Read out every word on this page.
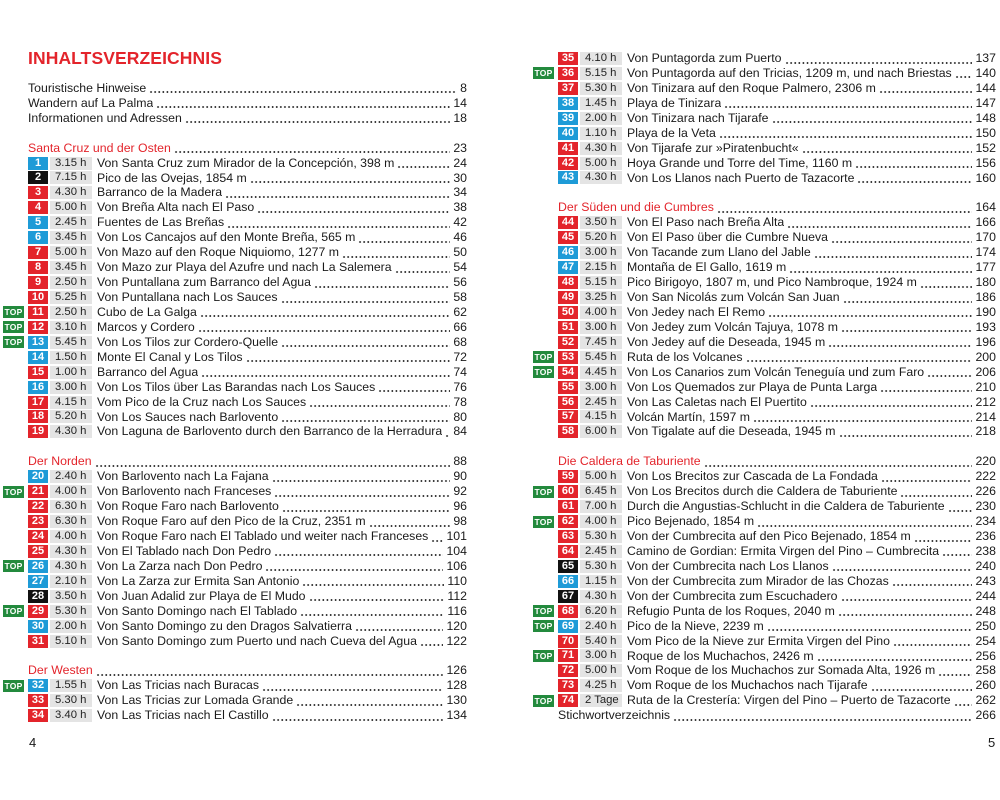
INHALTSVERZEICHNIS
Touristische Hinweise	8
Wandern auf La Palma	14
Informationen und Adressen	18
Santa Cruz und der Osten	23
1	3.15 h Von Santa Cruz zum Mirador de la Concepción, 398 m	24
2	7.15 h Pico de las Ovejas, 1854 m	30
3	4.30 h Barranco de la Madera	34
4	5.00 h Von Breña Alta nach El Paso	38
5	2.45 h Fuentes de Las Breñas	42
6	3.45 h Von Los Cancajos auf den Monte Breña, 565 m	46
7	5.00 h Von Mazo auf den Roque Niquiomo, 1277 m	50
8	3.45 h Von Mazo zur Playa del Azufre und nach La Salemera	54
9	2.50 h Von Puntallana zum Barranco del Agua	56
10 5.25 h Von Puntallana nach Los Sauces	58
TOP 11 2.50 h Cubo de La Galga	62
TOP 12 3.10 h Marcos y Cordero	66
TOP 13 5.45 h Von Los Tilos zur Cordero-Quelle	68
14 1.50 h Monte El Canal y Los Tilos	72
15 1.00 h Barranco del Agua	74
16 3.00 h Von Los Tilos über Las Barandas nach Los Sauces	76
17 4.15 h Vom Pico de la Cruz nach Los Sauces	78
18 5.20 h Von Los Sauces nach Barlovento	80
19 4.30 h Von Laguna de Barlovento durch den Barranco de la Herradura 84
Der Norden	88
20 2.40 h Von Barlovento nach La Fajana	90
TOP 21 4.00 h Von Barlovento nach Franceses	92
22 6.30 h Von Roque Faro nach Barlovento	96
23 6.30 h Von Roque Faro auf den Pico de la Cruz, 2351 m	98
24 4.00 h Von Roque Faro nach El Tablado und weiter nach Franceses 101
25 4.30 h Von El Tablado nach Don Pedro	104
TOP 26 4.30 h Von La Zarza nach Don Pedro	106
27 2.10 h Von La Zarza zur Ermita San Antonio	110
28 3.50 h Von Juan Adalid zur Playa de El Mudo	112
TOP 29 5.30 h Von Santo Domingo nach El Tablado	116
30 2.00 h Von Santo Domingo zu den Dragos Salvatierra	120
31 5.10 h Von Santo Domingo zum Puerto und nach Cueva del Agua 122
Der Westen	126
TOP 32 1.55 h Von Las Tricias nach Buracas	128
33 5.30 h Von Las Tricias zur Lomada Grande	130
34 3.40 h Von Las Tricias nach El Castillo	134
35 4.10 h Von Puntagorda zum Puerto	137
TOP 36 5.15 h Von Puntagorda auf den Tricias, 1209 m, und nach Briestas 140
37 5.30 h Von Tinizara auf den Roque Palmero, 2306 m	144
38 1.45 h Playa de Tinizara	147
39 2.00 h Von Tinizara nach Tijarafe	148
40 1.10 h Playa de la Veta	150
41 4.30 h Von Tijarafe zur »Piratenbucht«	152
42 5.00 h Hoya Grande und Torre del Time, 1160 m	156
43 4.30 h Von Los Llanos nach Puerto de Tazacorte	160
Der Süden und die Cumbres	164
44 3.50 h Von El Paso nach Breña Alta	166
45 5.20 h Von El Paso über die Cumbre Nueva	170
46 3.00 h Von Tacande zum Llano del Jable	174
47 2.15 h Montaña de El Gallo, 1619 m	177
48 5.15 h Pico Birigoyo, 1807 m, und Pico Nambroque, 1924 m	180
49 3.25 h Von San Nicolás zum Volcán San Juan	186
50 4.00 h Von Jedey nach El Remo	190
51 3.00 h Von Jedey zum Volcán Tajuya, 1078 m	193
52 7.45 h Von Jedey auf die Deseada, 1945 m	196
TOP 53 5.45 h Ruta de los Volcanes	200
TOP 54 4.45 h Von Los Canarios zum Volcán Teneguía und zum Faro	206
55 3.00 h Von Los Quemados zur Playa de Punta Larga	210
56 2.45 h Von Las Caletas nach El Puertito	212
57 4.15 h Volcán Martín, 1597 m	214
58 6.00 h Von Tigalate auf die Deseada, 1945 m	218
Die Caldera de Taburiente	220
59 5.00 h Von Los Brecitos zur Cascada de La Fondada	222
TOP 60 6.45 h Von Los Brecitos durch die Caldera de Taburiente	226
61 7.00 h Durch die Angustias-Schlucht in die Caldera de Taburiente	230
TOP 62 4.00 h Pico Bejenado, 1854 m	234
63 5.30 h Von der Cumbrecita auf den Pico Bejenado, 1854 m	236
64 2.45 h Camino de Gordian: Ermita Virgen del Pino – Cumbrecita	238
65 5.30 h Von der Cumbrecita nach Los Llanos	240
66 1.15 h Von der Cumbrecita zum Mirador de las Chozas	243
67 4.30 h Von der Cumbrecita zum Escuchadero	244
TOP 68 6.20 h Refugio Punta de los Roques, 2040 m	248
TOP 69 2.40 h Pico de la Nieve, 2239 m	250
70 5.40 h Vom Pico de la Nieve zur Ermita Virgen del Pino	254
TOP 71 3.00 h Roque de los Muchachos, 2426 m	256
72 5.00 h Vom Roque de los Muchachos zur Somada Alta, 1926 m	258
73 4.25 h Vom Roque de los Muchachos nach Tijarafe	260
TOP 74 2 Tage Ruta de la Crestería: Virgen del Pino – Puerto de Tazacorte 262
Stichwortverzeichnis	266
4	5
